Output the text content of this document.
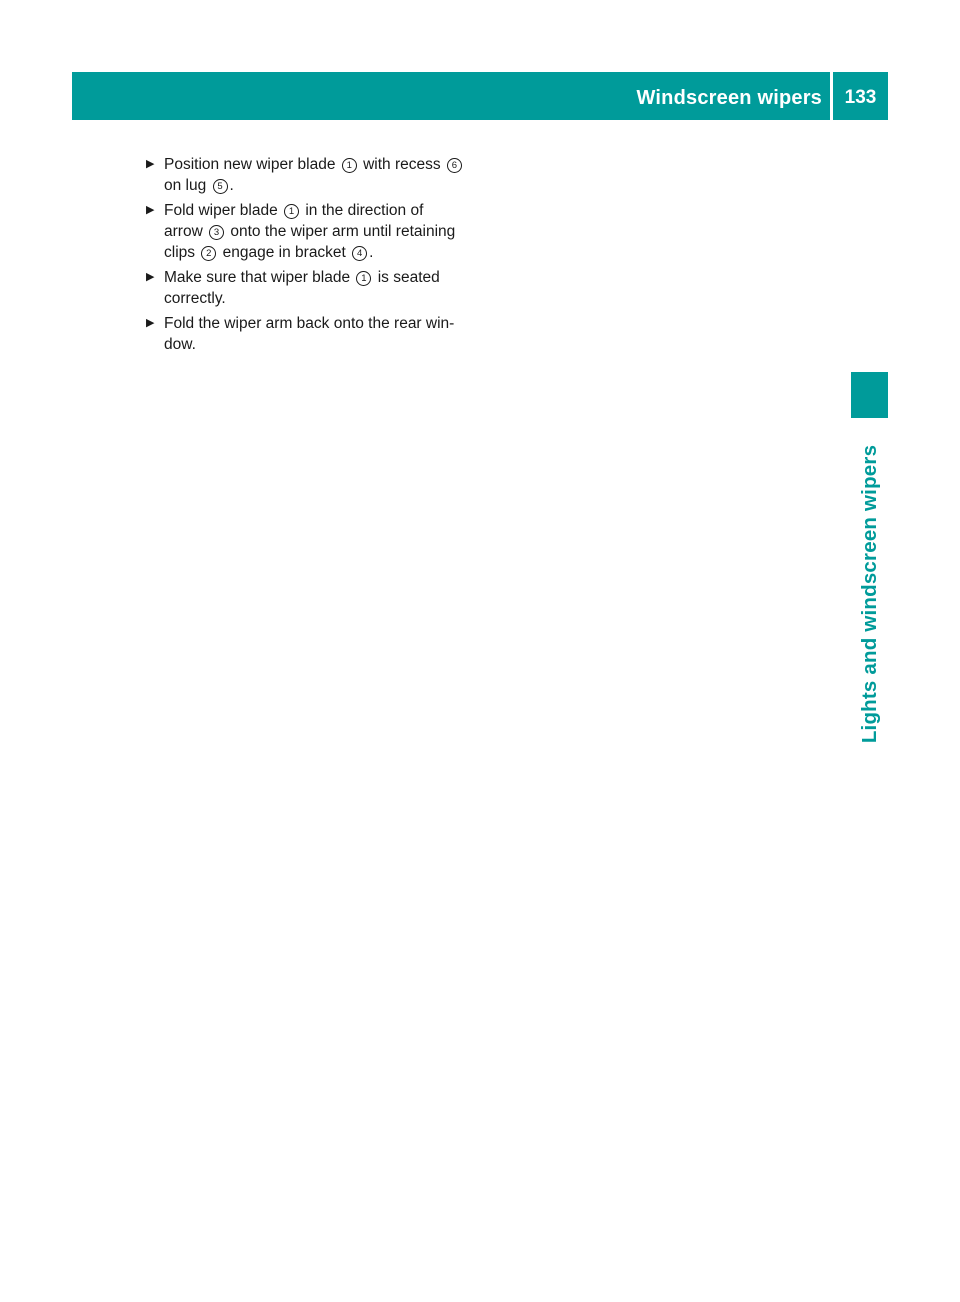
Windscreen wipers	133
Lights and windscreen wipers
▶ Position new wiper blade 1 with recess 6
on lug 5 .
▶ Fold wiper blade 1 in the direction of
arrow 3 onto the wiper arm until retaining
clips 2 engage in bracket 4 .
▶ Make sure that wiper blade 1 is seated
correctly.
▶ Fold the wiper arm back onto the rear win-
dow.
